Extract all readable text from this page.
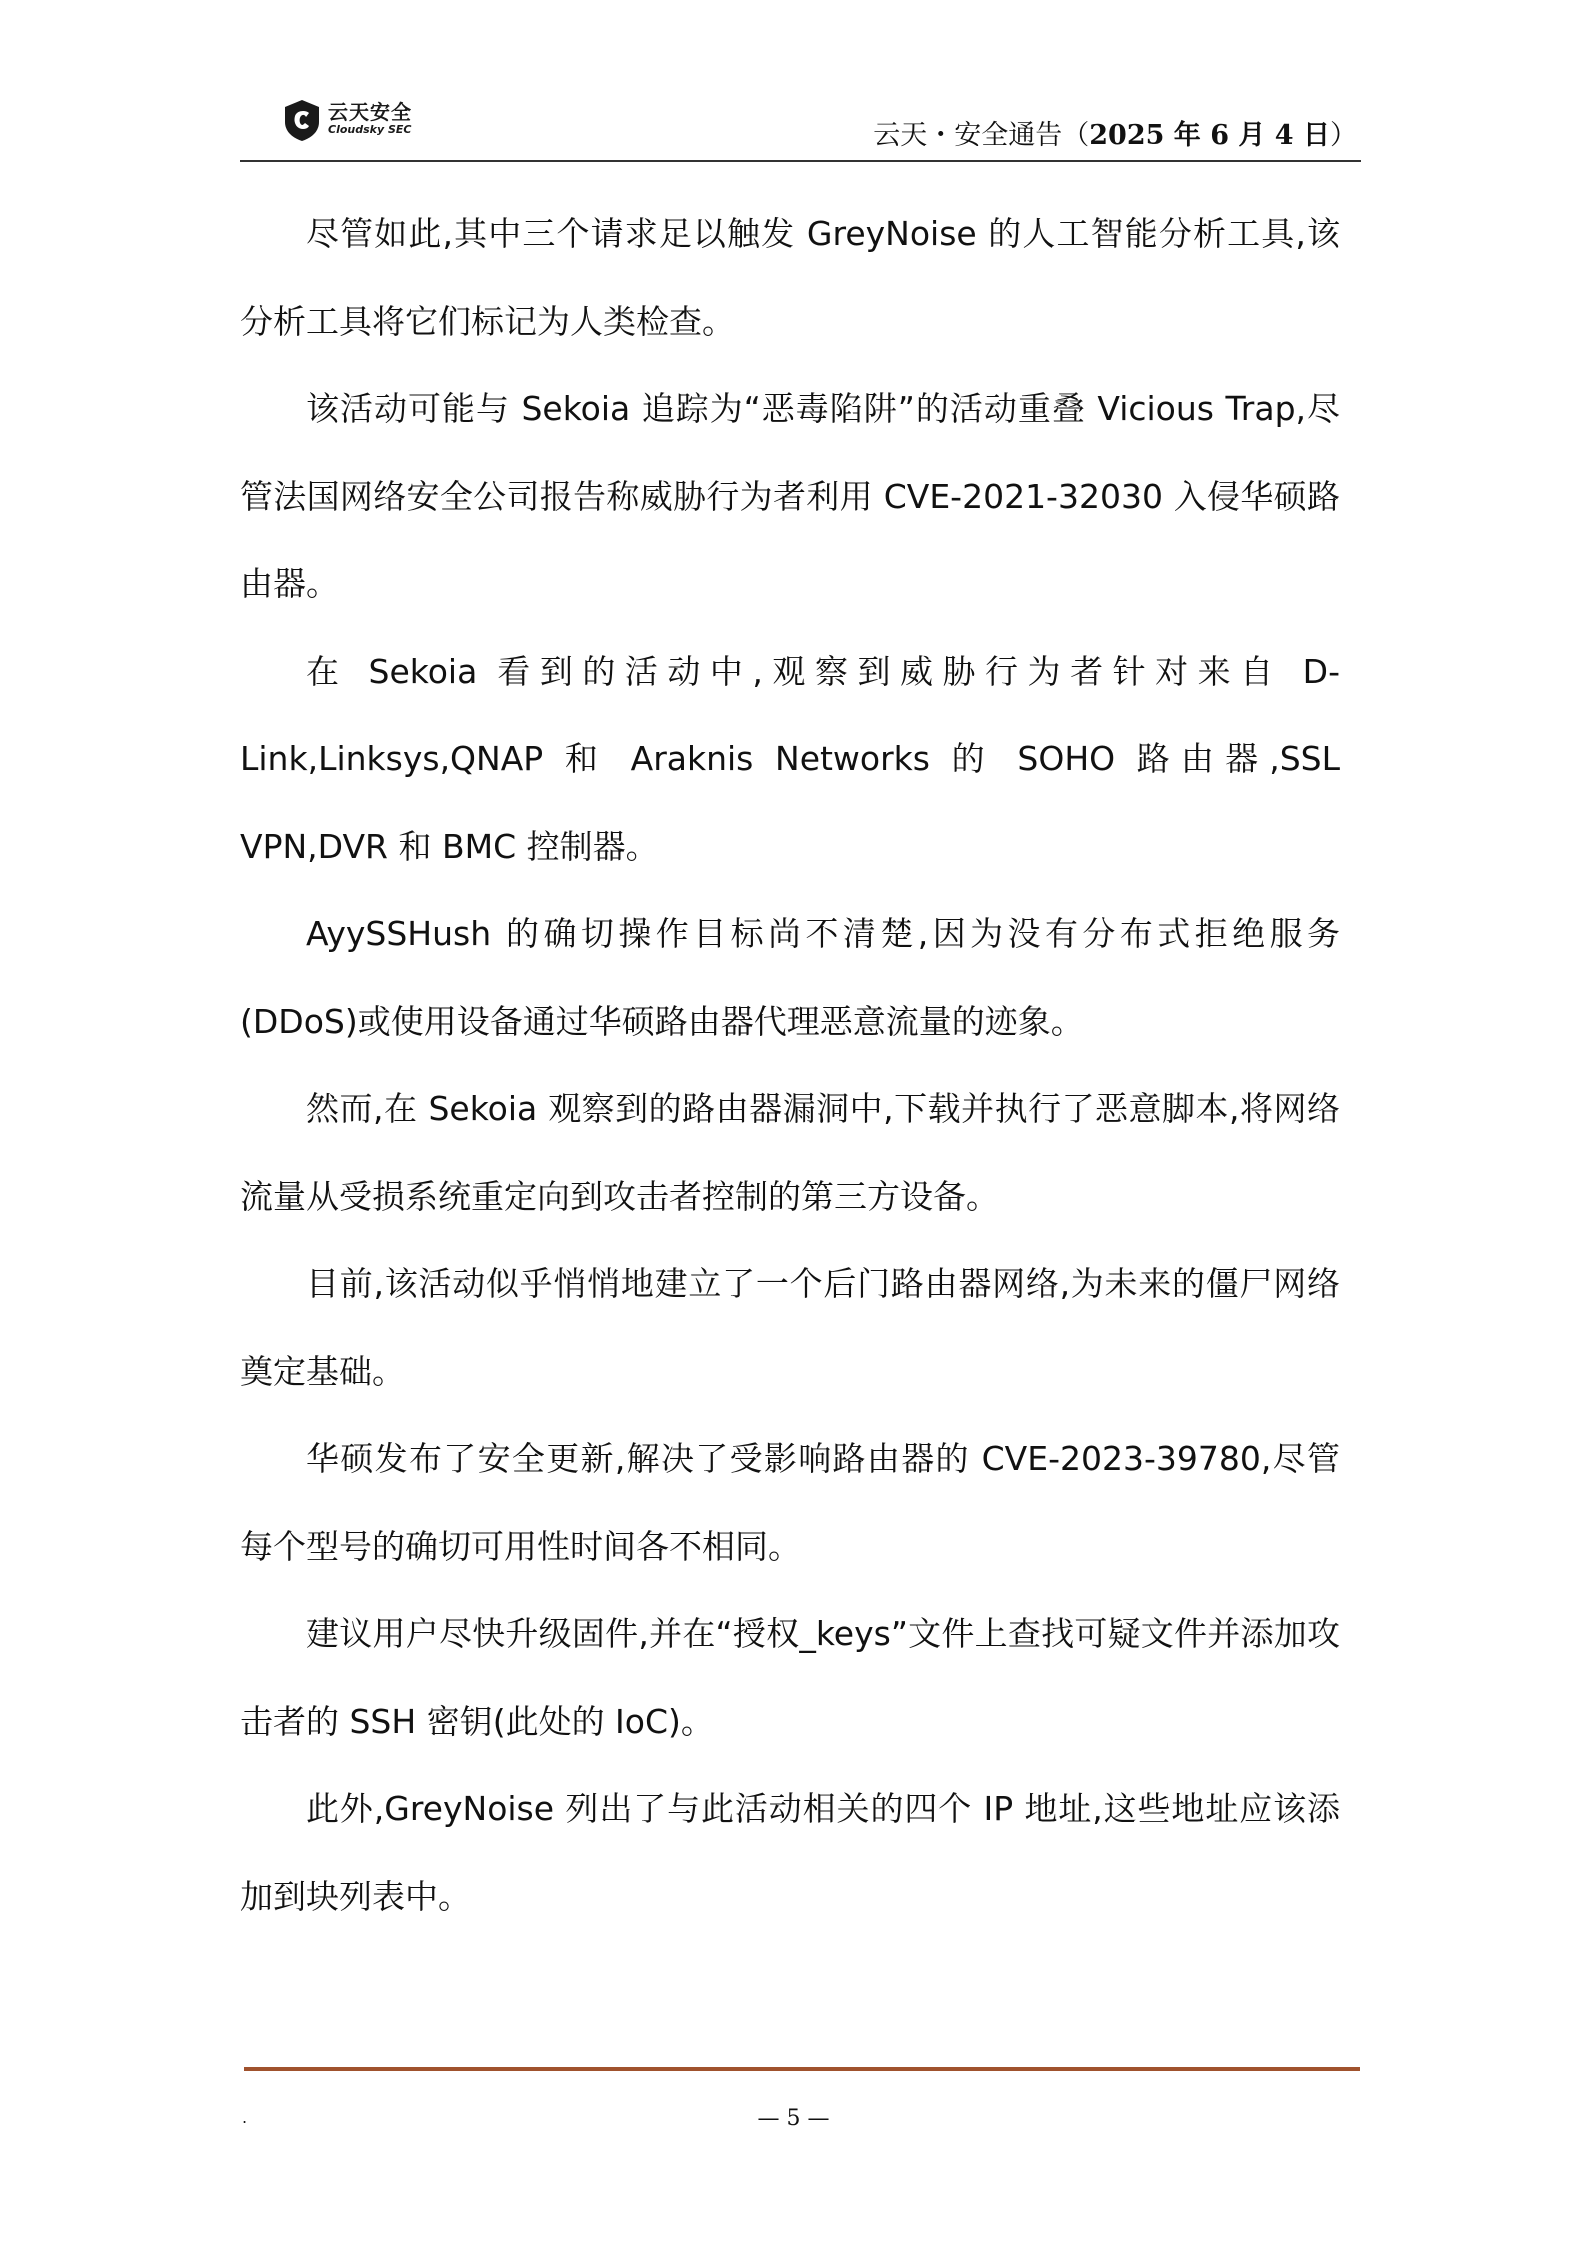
云天安全
Cloudsky SEC	云天・安全通告（2025 年 6 月 4 日）

尽管如此,其中三个请求足以触发 GreyNoise 的人工智能分析工具,该分析工具将它们标记为人类检查。

该活动可能与 Sekoia 追踪为“恶毒陷阱”的活动重叠 Vicious Trap,尽管法国网络安全公司报告称威胁行为者利用 CVE-2021-32030 入侵华硕路由器。

在 Sekoia 看到的活动中,观察到威胁行为者针对来自 D-Link,Linksys,QNAP 和 Araknis Networks 的 SOHO 路由器,SSL VPN,DVR 和 BMC 控制器。

AyySSHush 的确切操作目标尚不清楚,因为没有分布式拒绝服务(DDoS)或使用设备通过华硕路由器代理恶意流量的迹象。

然而,在 Sekoia 观察到的路由器漏洞中,下载并执行了恶意脚本,将网络流量从受损系统重定向到攻击者控制的第三方设备。

目前,该活动似乎悄悄地建立了一个后门路由器网络,为未来的僵尸网络奠定基础。

华硕发布了安全更新,解决了受影响路由器的 CVE-2023-39780,尽管每个型号的确切可用性时间各不相同。

建议用户尽快升级固件,并在“授权_keys”文件上查找可疑文件并添加攻击者的 SSH 密钥(此处的 IoC)。

此外,GreyNoise 列出了与此活动相关的四个 IP 地址,这些地址应该添加到块列表中。

.	— 5 —
